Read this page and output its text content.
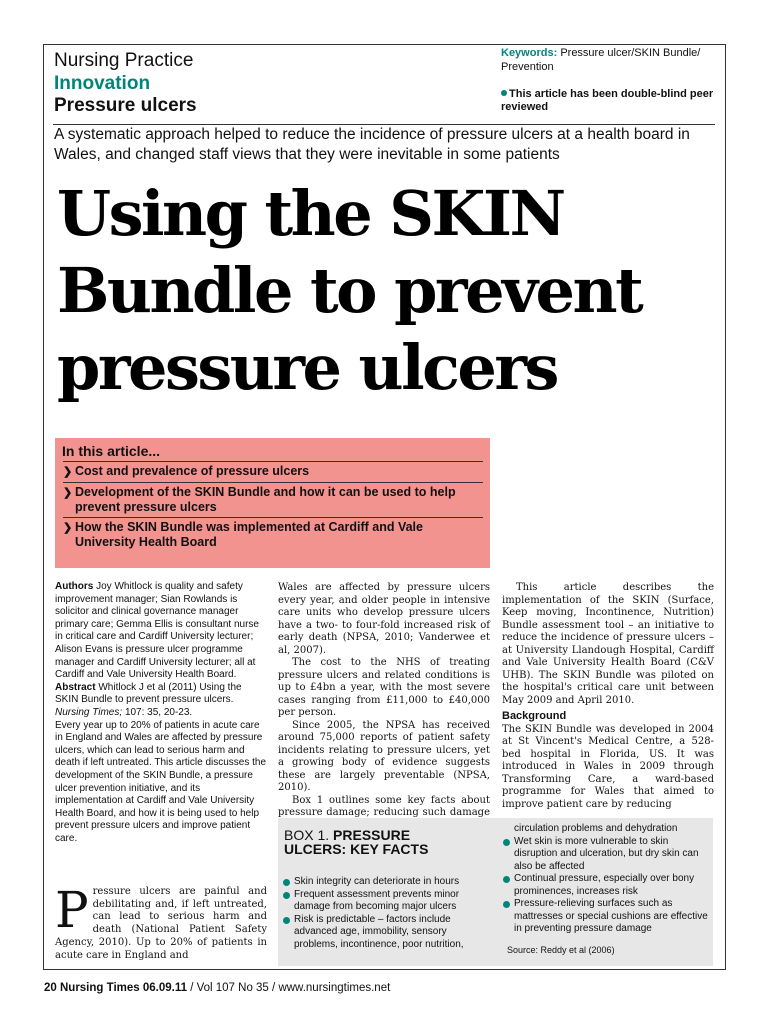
Nursing Practice
Innovation
Pressure ulcers
Keywords: Pressure ulcer/SKIN Bundle/ Prevention
This article has been double-blind peer reviewed
A systematic approach helped to reduce the incidence of pressure ulcers at a health board in Wales, and changed staff views that they were inevitable in some patients
Using the SKIN Bundle to prevent pressure ulcers
In this article...
❯ Cost and prevalence of pressure ulcers
❯ Development of the SKIN Bundle and how it can be used to help prevent pressure ulcers
❯ How the SKIN Bundle was implemented at Cardiff and Vale University Health Board

Authors Joy Whitlock is quality and safety improvement manager; Sian Rowlands is solicitor and clinical governance manager primary care; Gemma Ellis is consultant nurse in critical care and Cardiff University lecturer; Alison Evans is pressure ulcer programme manager and Cardiff University lecturer; all at Cardiff and Vale University Health Board.

Abstract Whitlock J et al (2011) Using the SKIN Bundle to prevent pressure ulcers. Nursing Times; 107: 35, 20-23.

Every year up to 20% of patients in acute care in England and Wales are affected by pressure ulcers, which can lead to serious harm and death if left untreated. This article discusses the development of the SKIN Bundle, a pressure ulcer prevention initiative, and its implementation at Cardiff and Vale University Health Board, and how it is being used to help prevent pressure ulcers and improve patient care.

Pressure ulcers are painful and debilitating and, if left untreated, can lead to serious harm and death (National Patient Safety Agency, 2010). Up to 20% of patients in acute care in England and

Wales are affected by pressure ulcers every year, and older people in intensive care units who develop pressure ulcers have a two- to four-fold increased risk of early death (NPSA, 2010; Vanderwee et al, 2007).

The cost to the NHS of treating pressure ulcers and related conditions is up to £4bn a year, with the most severe cases ranging from £11,000 to £40,000 per person.

Since 2005, the NPSA has received around 75,000 reports of patient safety incidents relating to pressure ulcers, yet a growing body of evidence suggests these are largely preventable (NPSA, 2010).

Box 1 outlines some key facts about pressure damage; reducing such damage

This article describes the implementation of the SKIN (Surface, Keep moving, Incontinence, Nutrition) Bundle assessment tool – an initiative to reduce the incidence of pressure ulcers – at University Llandough Hospital, Cardiff and Vale University Health Board (C&V UHB). The SKIN Bundle was piloted on the hospital's critical care unit between May 2009 and April 2010.

Background

The SKIN Bundle was developed in 2004 at St Vincent's Medical Centre, a 528-bed hospital in Florida, US. It was introduced in Wales in 2009 through Transforming Care, a ward-based programme for Wales that aimed to improve patient care by reducing

BOX 1. PRESSURE
ULCERS: KEY FACTS
Skin integrity can deteriorate in hours
Frequent assessment prevents minor damage from becoming major ulcers
Risk is predictable – factors include advanced age, immobility, sensory problems, incontinence, poor nutrition,
circulation problems and dehydration
Wet skin is more vulnerable to skin disruption and ulceration, but dry skin can also be affected
Continual pressure, especially over bony prominences, increases risk
Pressure-relieving surfaces such as mattresses or special cushions are effective in preventing pressure damage
Source: Reddy et al (2006)
20 Nursing Times 06.09.11 / Vol 107 No 35 / www.nursingtimes.net
